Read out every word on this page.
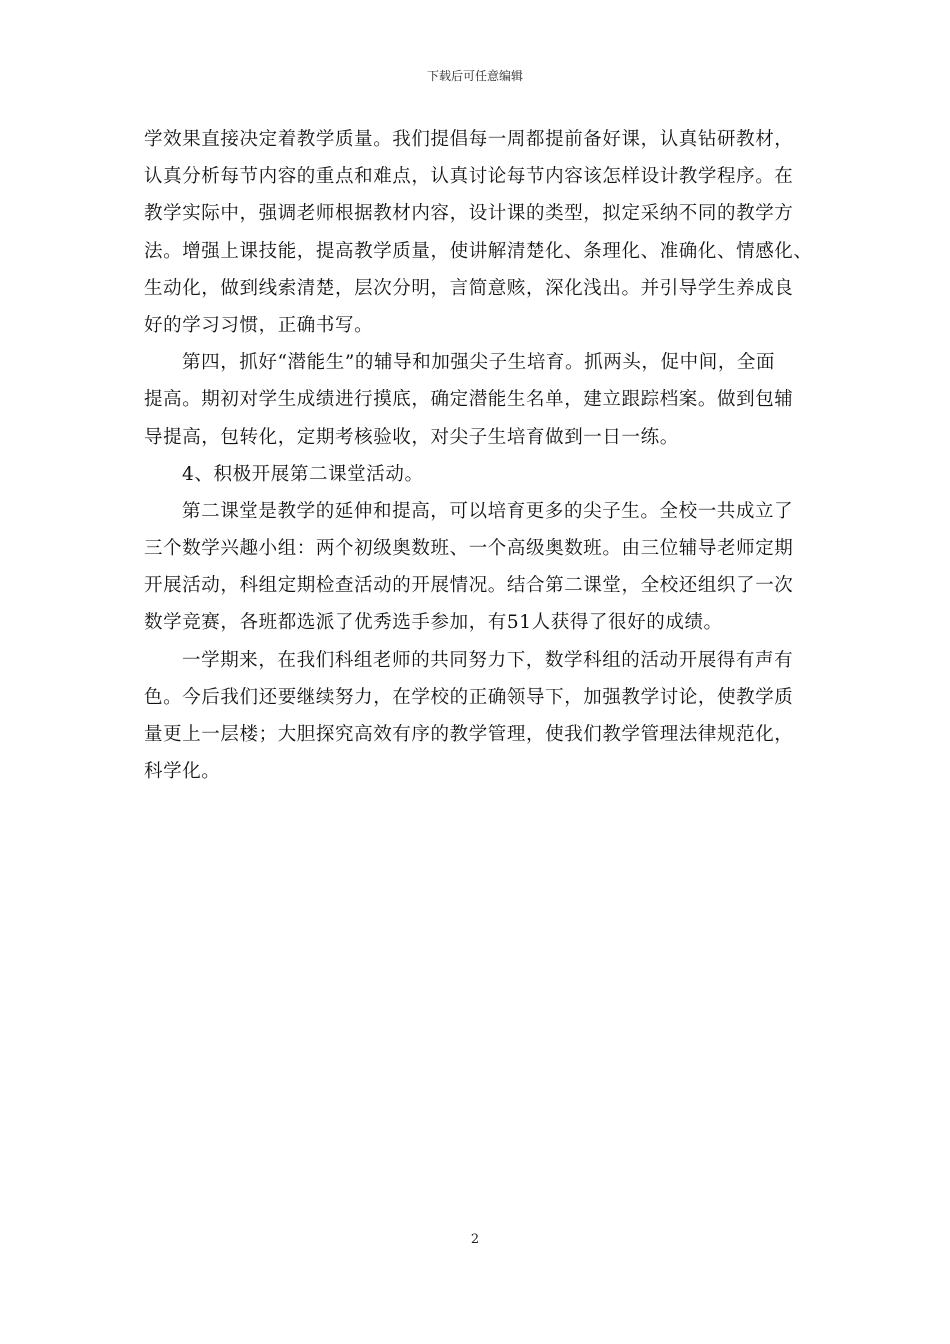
下载后可任意编辑
学效果直接决定着教学质量。我们提倡每一周都提前备好课，认真钻研教材，
认真分析每节内容的重点和难点，认真讨论每节内容该怎样设计教学程序。在
教学实际中，强调老师根据教材内容，设计课的类型，拟定采纳不同的教学方
法。增强上课技能，提高教学质量，使讲解清楚化、条理化、准确化、情感化、
生动化，做到线索清楚，层次分明，言简意赅，深化浅出。并引导学生养成良
好的学习习惯，正确书写。
第四，抓好“潜能生”的辅导和加强尖子生培育。抓两头，促中间，全面
提高。期初对学生成绩进行摸底，确定潜能生名单，建立跟踪档案。做到包辅
导提高，包转化，定期考核验收，对尖子生培育做到一日一练。
4、积极开展第二课堂活动。
第二课堂是教学的延伸和提高，可以培育更多的尖子生。全校一共成立了
三个数学兴趣小组：两个初级奥数班、一个高级奥数班。由三位辅导老师定期
开展活动，科组定期检查活动的开展情况。结合第二课堂，全校还组织了一次
数学竞赛，各班都选派了优秀选手参加，有51人获得了很好的成绩。
一学期来，在我们科组老师的共同努力下，数学科组的活动开展得有声有
色。今后我们还要继续努力，在学校的正确领导下，加强教学讨论，使教学质
量更上一层楼；大胆探究高效有序的教学管理，使我们教学管理法律规范化，
科学化。
2
